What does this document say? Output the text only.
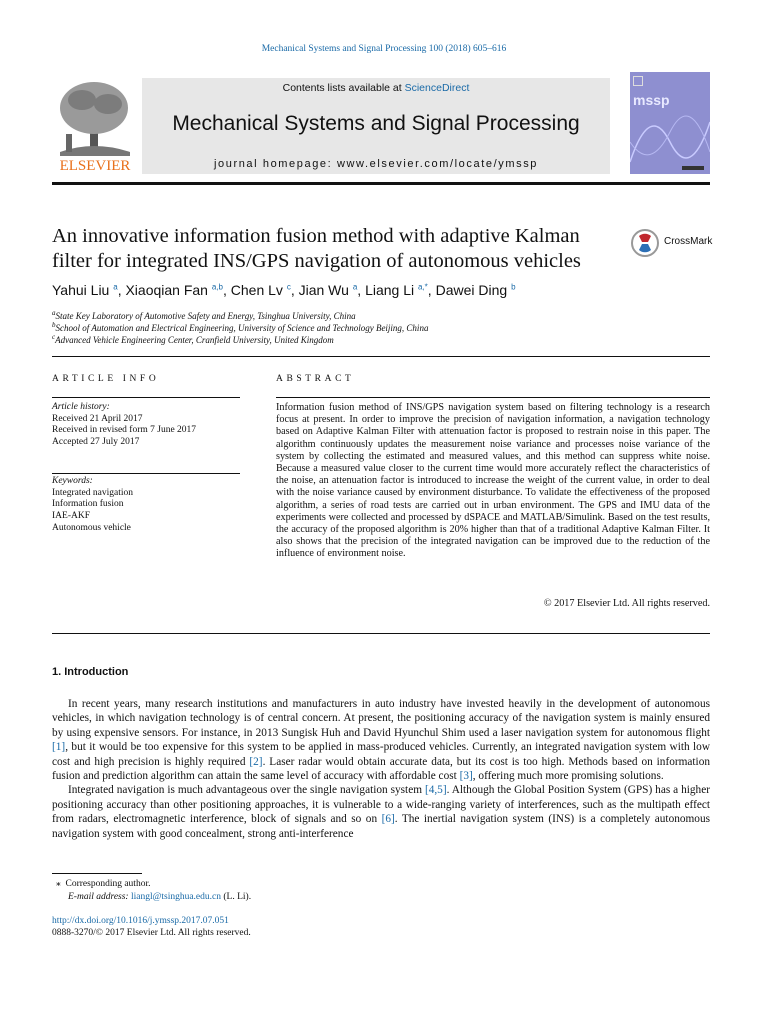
Mechanical Systems and Signal Processing 100 (2018) 605–616
ELSEVIER
Contents lists available at ScienceDirect
Mechanical Systems and Signal Processing
journal homepage: www.elsevier.com/locate/ymssp
mssp
An innovative information fusion method with adaptive Kalman
filter for integrated INS/GPS navigation of autonomous vehicles
CrossMark
Yahui Liu $^a$, Xiaoqian Fan $^{a,b}$, Chen Lv $^c$, Jian Wu $^a$, Liang Li $^{a,*}$, Dawei Ding $^b$
$^a$State Key Laboratory of Automotive Safety and Energy, Tsinghua University, China
$^b$School of Automation and Electrical Engineering, University of Science and Technology Beijing, China
$^c$Advanced Vehicle Engineering Center, Cranfield University, United Kingdom
ARTICLE INFO	ABSTRACT
Article history:
Received 21 April 2017
Received in revised form 7 June 2017
Accepted 27 July 2017
Keywords:
Integrated navigation
Information fusion
IAE-AKF
Autonomous vehicle
Information fusion method of INS/GPS navigation system based on filtering technology is a research focus at present. In order to improve the precision of navigation information, a navigation technology based on Adaptive Kalman Filter with attenuation factor is proposed to restrain noise in this paper. The algorithm continuously updates the measurement noise variance and processes noise variance of the system by collecting the estimated and measured values, and this method can suppress white noise. Because a measured value closer to the current time would more accurately reflect the characteristics of the noise, an attenuation factor is introduced to increase the weight of the current value, in order to deal with the noise variance caused by environment disturbance. To validate the effectiveness of the proposed algorithm, a series of road tests are carried out in urban environment. The GPS and IMU data of the experiments were collected and processed by dSPACE and MATLAB/Simulink. Based on the test results, the accuracy of the proposed algorithm is 20% higher than that of a traditional Adaptive Kalman Filter. It also shows that the precision of the integrated navigation can be improved due to the reduction of the influence of environment noise.
© 2017 Elsevier Ltd. All rights reserved.
1. Introduction

In recent years, many research institutions and manufacturers in auto industry have invested heavily in the development of autonomous vehicles, in which navigation technology is of central concern. At present, the positioning accuracy of the navigation system is mainly ensured by using expensive sensors. For instance, in 2013 Sungisk Huh and David Hyunchul Shim used a laser navigation system for autonomous flight [1], but it would be too expensive for this system to be applied in mass-produced vehicles. Currently, an integrated navigation system with low cost and high precision is highly required [2]. Laser radar would obtain accurate data, but its cost is too high. Methods based on information fusion and prediction algorithm can attain the same level of accuracy with affordable cost [3], offering much more promising solutions.

Integrated navigation is much advantageous over the single navigation system [4,5]. Although the Global Position System (GPS) has a higher positioning accuracy than other positioning approaches, it is vulnerable to a wide-ranging variety of interferences, such as the multipath effect from radars, electromagnetic interference, block of signals and so on [6]. The inertial navigation system (INS) is a completely autonomous navigation system with good concealment, strong anti-interference

⁎ Corresponding author.
E-mail address: liangl@tsinghua.edu.cn (L. Li).
http://dx.doi.org/10.1016/j.ymssp.2017.07.051
0888-3270/© 2017 Elsevier Ltd. All rights reserved.
